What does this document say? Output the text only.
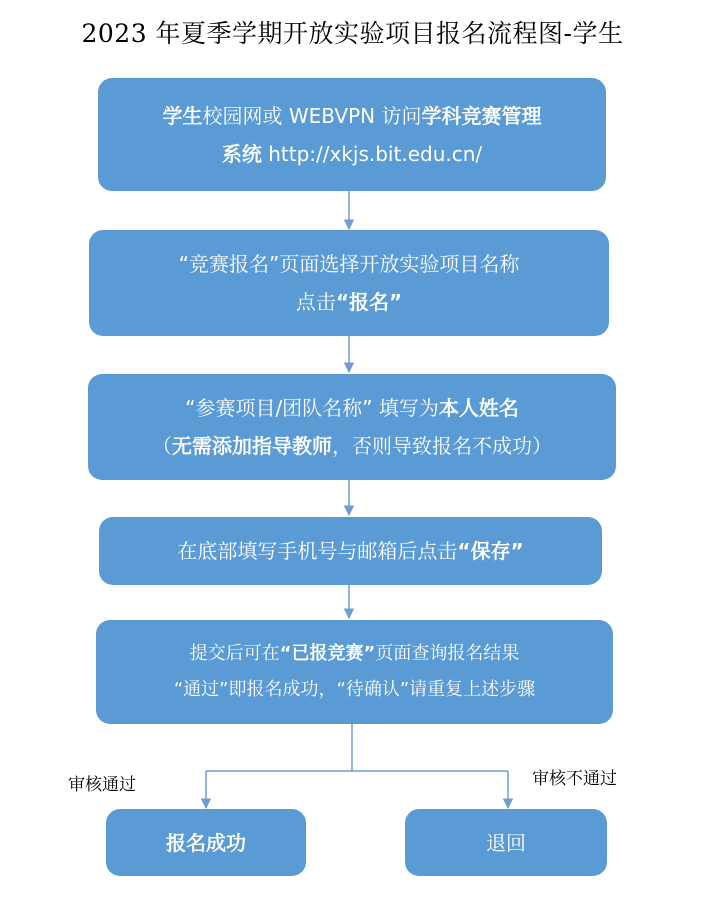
2023 年夏季学期开放实验项目报名流程图-学生
学生校园网或 WEBVPN 访问学科竞赛管理
系统 http://xkjs.bit.edu.cn/
“竞赛报名”页面选择开放实验项目名称
点击“报名”
“参赛项目/团队名称” 填写为本人姓名
（无需添加指导教师，否则导致报名不成功）
在底部填写手机号与邮箱后点击“保存”
提交后可在“已报竞赛”页面查询报名结果
“通过”即报名成功，“待确认”请重复上述步骤
审核通过	审核不通过
报名成功	退回
